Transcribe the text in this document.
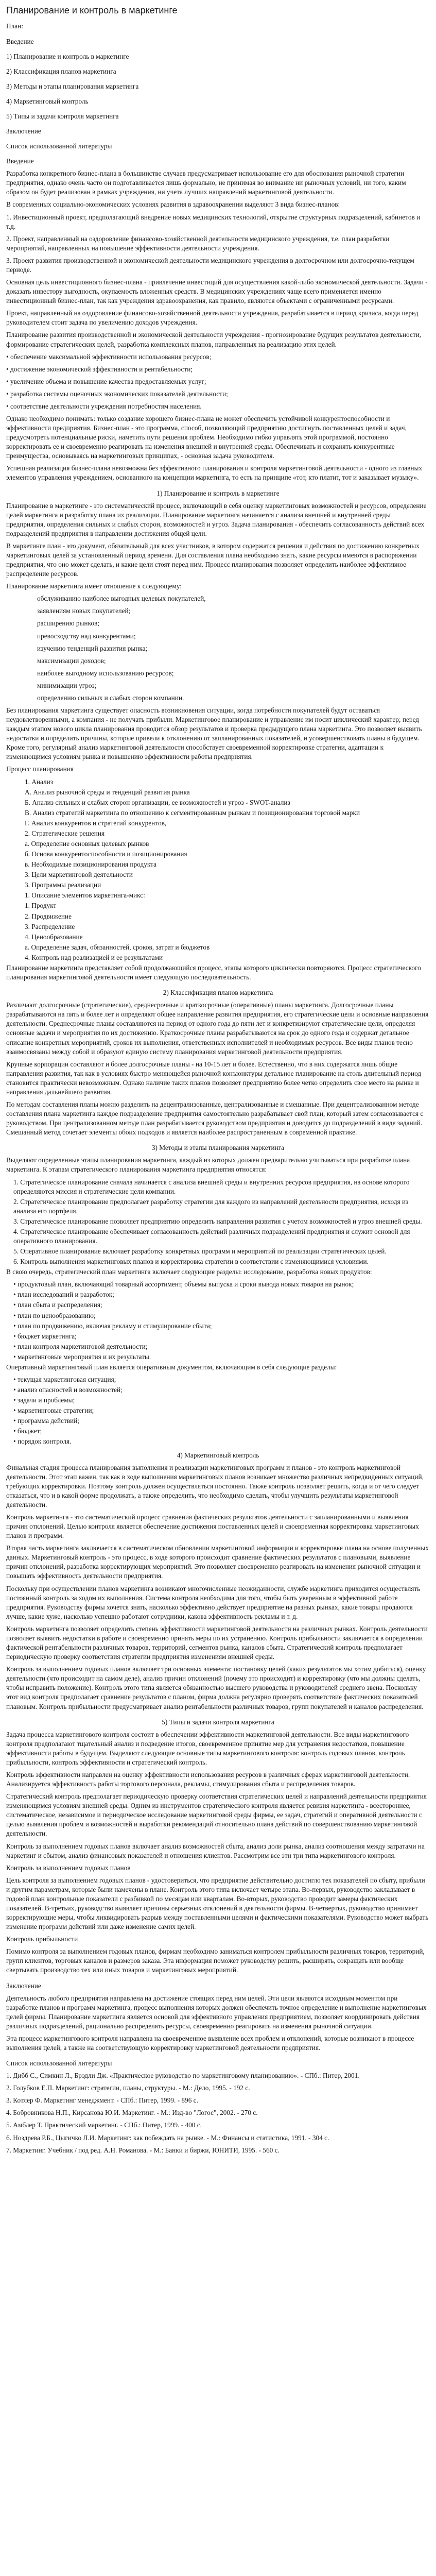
Планирование и контроль в маркетинге
План:
Введение
1) Планирование и контроль в маркетинге
2) Классификация планов маркетинга
3) Методы и этапы планирования маркетинга
4) Маркетинговый контроль
5) Типы и задачи контроля маркетинга
Заключение
Список использованной литературы
Введение
Разработка конкретного бизнес-плана в большинстве случаев предусматривает использование его для обоснования рыночной стратегии предприятия, однако очень часто он подготавливается лишь формально, не принимая во внимание ни рыночных условий, ни того, каким образом он будет реализован в рамках учреждения, ни учета лучших направлений маркетинговой деятельности.
В современных социально-экономических условиях развития в здравоохранении выделяют 3 вида бизнес-планов:
1. Инвестиционный проект, предполагающий внедрение новых медицинских технологий, открытие структурных подразделений, кабинетов и т.д.
2. Проект, направленный на оздоровление финансово-хозяйственной деятельности медицинского учреждения, т.е. план разработки мероприятий, направленных на повышение эффективности деятельности учреждения.
3. Проект развития производственной и экономической деятельности медицинского учреждения в долгосрочном или долгосрочно-текущем периоде.
Основная цель инвестиционного бизнес-плана - привлечение инвестиций для осуществления какой-либо экономической деятельности. Задачи - доказать инвестору выгодность, окупаемость вложенных средств. В медицинских учреждениях чаще всего применяется именно инвестиционный бизнес-план, так как учреждения здравоохранения, как правило, являются объектами с ограниченными ресурсами.
Проект, направленный на оздоровление финансово-хозяйственной деятельности учреждения, разрабатывается в период кризиса, когда перед руководителем стоит задача по увеличению доходов учреждения.
Планирование развития производственной и экономической деятельности учреждения - прогнозирование будущих результатов деятельности, формирование стратегических целей, разработка комплексных планов, направленных на реализацию этих целей.
• обеспечение максимальной эффективности использования ресурсов;
• достижение экономической эффективности и рентабельности;
• увеличение объема и повышение качества предоставляемых услуг;
• разработка системы оценочных экономических показателей деятельности;
• соответствие деятельности учреждения потребностям населения.
Однако необходимо понимать: только создание хорошего бизнес-плана не может обеспечить устойчивой конкурентоспособности и эффективности предприятия. Бизнес-план - это программа, способ, позволяющий предприятию достигнуть поставленных целей и задач, предусмотреть потенциальные риски, наметить пути решения проблем. Необходимо гибко управлять этой программой, постоянно корректировать ее и своевременно реагировать на изменения внешней и внутренней среды. Обеспечивать и сохранять конкурентные преимущества, основываясь на маркетинговых принципах, - основная задача руководителя.
Успешная реализация бизнес-плана невозможна без эффективного планирования и контроля маркетинговой деятельности - одного из главных элементов управления учреждением, основанного на концепции маркетинга, то есть на принципе «тот, кто платит, тот и заказывает музыку».
1) Планирование и контроль в маркетинге
Планирование в маркетинге - это систематический процесс, включающий в себя оценку маркетинговых возможностей и ресурсов, определение целей маркетинга и разработку плана их реализации. Планирование маркетинга начинается с анализа внешней и внутренней среды предприятия, определения сильных и слабых сторон, возможностей и угроз. Задача планирования - обеспечить согласованность действий всех подразделений предприятия в направлении достижения общей цели.
В маркетинге план - это документ, обязательный для всех участников, в котором содержатся решения и действия по достижению конкретных маркетинговых целей за установленный период времени. Для составления плана необходимо знать, какие ресурсы имеются в распоряжении предприятия, что оно может сделать, и какие цели стоят перед ним. Процесс планирования позволяет определить наиболее эффективное распределение ресурсов.
Планирование маркетинга имеет отношение к следующему:
обслуживанию наиболее выгодных целевых покупателей,
заявлениям новых покупателей;
расширению рынков;
превосходству над конкурентами;
изучению тенденций развития рынка;
максимизации доходов;
наиболее выгодному использованию ресурсов;
минимизации угроз;
определению сильных и слабых сторон компании.
Без планирования маркетинга существует опасность возникновения ситуации, когда потребности покупателей будут оставаться неудовлетворенными, а компания - не получать прибыли. Маркетинговое планирование и управление им носит циклический характер; перед каждым этапом нового цикла планирования проводится обзор результатов и проверка предыдущего плана маркетинга. Это позволяет выявить недостатки и определить причины, которые привели к отклонению от запланированных показателей, и усовершенствовать планы в будущем. Кроме того, регулярный анализ маркетинговой деятельности способствует своевременной корректировке стратегии, адаптации к изменяющимся условиям рынка и повышению эффективности работы предприятия.
Процесс планирования
1. Анализ
А. Анализ рыночной среды и тенденций развития рынка
Б. Анализ сильных и слабых сторон организации, ее возможностей и угроз - SWOT-анализ
В. Анализ стратегий маркетинга по отношению к сегментированным рынкам и позиционирования торговой марки
Г. Анализ конкурентов и стратегий конкурентов,
2. Стратегические решения
а. Определение основных целевых рынков
б. Основа конкурентоспособности и позиционирования
в. Необходимые позиционирования продукта
3. Цели маркетинговой деятельности
3. Программы реализации
1. Описание элементов маркетинга-микс:
1. Продукт
2. Продвижение
3. Распределение
4. Ценообразование
а. Определение задач, обязанностей, сроков, затрат и бюджетов
4. Контроль над реализацией и ее результатами
Планирование маркетинга представляет собой продолжающийся процесс, этапы которого циклически повторяются. Процесс стратегического планирования маркетинговой деятельности имеет следующую последовательность.
2) Классификация планов маркетинга
Различают долгосрочные (стратегические), среднесрочные и краткосрочные (оперативные) планы маркетинга. Долгосрочные планы разрабатываются на пять и более лет и определяют общее направление развития предприятия, его стратегические цели и основные направления деятельности. Среднесрочные планы составляются на период от одного года до пяти лет и конкретизируют стратегические цели, определяя основные задачи и мероприятия по их достижению. Краткосрочные планы разрабатываются на срок до одного года и содержат детальное описание конкретных мероприятий, сроков их выполнения, ответственных исполнителей и необходимых ресурсов. Все виды планов тесно взаимосвязаны между собой и образуют единую систему планирования маркетинговой деятельности предприятия.
Крупные корпорации составляют и более долгосрочные планы - на 10-15 лет и более. Естественно, что в них содержатся лишь общие направления развития, так как в условиях быстро меняющейся рыночной конъюнктуры детальное планирование на столь длительный период становится практически невозможным. Однако наличие таких планов позволяет предприятию более четко определить свое место на рынке и направления дальнейшего развития.
По методам составления планы можно разделить на децентрализованные, централизованные и смешанные. При децентрализованном методе составления плана маркетинга каждое подразделение предприятия самостоятельно разрабатывает свой план, который затем согласовывается с руководством. При централизованном методе план разрабатывается руководством предприятия и доводится до подразделений в виде заданий. Смешанный метод сочетает элементы обоих подходов и является наиболее распространенным в современной практике.
3) Методы и этапы планирования маркетинга
Выделяют определенные этапы планирования маркетинга, каждый из которых должен предварительно учитываться при разработке плана маркетинга. К этапам стратегического планирования маркетинга предприятия относятся:
1. Стратегическое планирование сначала начинается с анализа внешней среды и внутренних ресурсов предприятия, на основе которого определяются миссия и стратегические цели компании.
2. Стратегическое планирование предполагает разработку стратегии для каждого из направлений деятельности предприятия, исходя из анализа его портфеля.
3. Стратегическое планирование позволяет предприятию определить направления развития с учетом возможностей и угроз внешней среды.
4. Стратегическое планирование обеспечивает согласованность действий различных подразделений предприятия и служит основой для оперативного планирования.
5. Оперативное планирование включает разработку конкретных программ и мероприятий по реализации стратегических целей.
6. Контроль выполнения маркетинговых планов и корректировка стратегии в соответствии с изменяющимися условиями.
В свою очередь, стратегический план маркетинга включает следующие разделы: исследование, разработка новых продуктов:
• продуктовый план, включающий товарный ассортимент, объемы выпуска и сроки вывода новых товаров на рынок;
• план исследований и разработок;
• план сбыта и распределения;
• план по ценообразованию;
• план по продвижению, включая рекламу и стимулирование сбыта;
• бюджет маркетинга;
• план контроля маркетинговой деятельности;
• маркетинговые мероприятия и их результаты.
Оперативный маркетинговый план является оперативным документом, включающим в себя следующие разделы:
• текущая маркетинговая ситуация;
• анализ опасностей и возможностей;
• задачи и проблемы;
• маркетинговые стратегии;
• программа действий;
• бюджет;
• порядок контроля.
4) Маркетинговый контроль
Финальная стадия процесса планирования выполнения и реализации маркетинговых программ и планов - это контроль маркетинговой деятельности. Этот этап важен, так как в ходе выполнения маркетинговых планов возникает множество различных непредвиденных ситуаций, требующих корректировки. Поэтому контроль должен осуществляться постоянно. Также контроль позволяет решить, когда и от чего следует отказаться, что и в какой форме продолжать, а также определить, что необходимо сделать, чтобы улучшить результаты маркетинговой деятельности.
Контроль маркетинга - это систематический процесс сравнения фактических результатов деятельности с запланированными и выявления причин отклонений. Целью контроля является обеспечение достижения поставленных целей и своевременная корректировка маркетинговых планов и программ.
Вторая часть маркетинга заключается в систематическом обновлении маркетинговой информации и корректировке плана на основе полученных данных. Маркетинговый контроль - это процесс, в ходе которого происходит сравнение фактических результатов с плановыми, выявление причин отклонений, разработка корректирующих мероприятий. Это позволяет своевременно реагировать на изменения рыночной ситуации и повышать эффективность деятельности предприятия.
Поскольку при осуществлении планов маркетинга возникают многочисленные неожиданности, службе маркетинга приходится осуществлять постоянный контроль за ходом их выполнения. Система контроля необходима для того, чтобы быть уверенным в эффективной работе предприятия. Руководству фирмы хочется знать, насколько эффективно действует предприятие на разных рынках, какие товары продаются лучше, какие хуже, насколько успешно работают сотрудники, какова эффективность рекламы и т. д.
Контроль маркетинга позволяет определить степень эффективности маркетинговой деятельности на различных рынках. Контроль деятельности позволяет выявить недостатки в работе и своевременно принять меры по их устранению. Контроль прибыльности заключается в определении фактической рентабельности различных товаров, территорий, сегментов рынка, каналов сбыта. Стратегический контроль предполагает периодическую проверку соответствия стратегии предприятия изменениям внешней среды.
Контроль за выполнением годовых планов включает три основных элемента: постановку целей (каких результатов мы хотим добиться), оценку деятельности (что происходит на самом деле), анализ причин отклонений (почему это происходит) и корректировку (что мы должны сделать, чтобы исправить положение). Контроль этого типа является обязанностью высшего руководства и руководителей среднего звена. Поскольку этот вид контроля предполагает сравнение результатов с планом, фирма должна регулярно проверять соответствие фактических показателей плановым. Контроль прибыльности предусматривает анализ рентабельности различных товаров, групп покупателей и каналов распределения.
5) Типы и задачи контроля маркетинга
Задача процесса маркетингового контроля состоит в обеспечении эффективности маркетинговой деятельности. Все виды маркетингового контроля предполагают тщательный анализ и подведение итогов, своевременное принятие мер для устранения недостатков, повышение эффективности работы в будущем. Выделяют следующие основные типы маркетингового контроля: контроль годовых планов, контроль прибыльности, контроль эффективности и стратегический контроль.
Контроль эффективности направлен на оценку эффективности использования ресурсов в различных сферах маркетинговой деятельности. Анализируется эффективность работы торгового персонала, рекламы, стимулирования сбыта и распределения товаров.
Стратегический контроль предполагает периодическую проверку соответствия стратегических целей и направлений деятельности предприятия изменяющимся условиям внешней среды. Одним из инструментов стратегического контроля является ревизия маркетинга - всестороннее, систематическое, независимое и периодическое исследование маркетинговой среды фирмы, ее задач, стратегий и оперативной деятельности с целью выявления проблем и возможностей и выработки рекомендаций относительно плана действий по совершенствованию маркетинговой деятельности.
Контроль за выполнением годовых планов включает анализ возможностей сбыта, анализ доли рынка, анализ соотношения между затратами на маркетинг и сбытом, анализ финансовых показателей и отношения клиентов. Рассмотрим все эти три типа маркетингового контроля.
Контроль за выполнением годовых планов
Цель контроля за выполнением годовых планов - удостовериться, что предприятие действительно достигло тех показателей по сбыту, прибыли и другим параметрам, которые были намечены в плане. Контроль этого типа включает четыре этапа. Во-первых, руководство закладывает в годовой план контрольные показатели с разбивкой по месяцам или кварталам. Во-вторых, руководство проводит замеры фактических показателей. В-третьих, руководство выявляет причины серьезных отклонений в деятельности фирмы. В-четвертых, руководство принимает корректирующие меры, чтобы ликвидировать разрыв между поставленными целями и фактическими показателями. Руководство может выбрать изменение программ действий или даже изменение самих целей.
Контроль прибыльности
Помимо контроля за выполнением годовых планов, фирмам необходимо заниматься контролем прибыльности различных товаров, территорий, групп клиентов, торговых каналов и размеров заказа. Эта информация поможет руководству решить, расширять, сокращать или вообще свертывать производство тех или иных товаров и маркетинговых мероприятий.
Заключение
Деятельность любого предприятия направлена на достижение стоящих перед ним целей. Эти цели являются исходным моментом при разработке планов и программ маркетинга, процесс выполнения которых должен обеспечить точное определение и выполнение маркетинговых целей фирмы. Планирование маркетинга является основой для эффективного управления предприятием, позволяет координировать действия различных подразделений, рационально распределять ресурсы, своевременно реагировать на изменения рыночной ситуации.
Эта процесс маркетингового контроля направлена на своевременное выявление всех проблем и отклонений, которые возникают в процессе выполнения целей, а также на соответствующую корректировку маркетинговой деятельности предприятия.
Список использованной литературы
1. Дибб С., Симкин Л., Брэдли Дж. «Практическое руководство по маркетинговому планированию». - СПб.: Питер, 2001.
2. Голубков Е.П. Маркетинг: стратегии, планы, структуры. - М.: Дело, 1995. - 192 с.
3. Котлер Ф. Маркетинг менеджмент. - СПб.: Питер, 1999. - 896 с.
4. Бобровникова Н.П., Кирсанова Ю.И. Маркетинг. - М.: Изд-во "Логос", 2002. - 270 с.
5. Амблер Т. Практический маркетинг. - СПб.: Питер, 1999. - 400 с.
6. Ноздрева Р.Б., Цыгичко Л.И. Маркетинг: как побеждать на рынке. - М.: Финансы и статистика, 1991. - 304 с.
7. Маркетинг. Учебник / под ред. А.Н. Романова. - М.: Банки и биржи, ЮНИТИ, 1995. - 560 с.
